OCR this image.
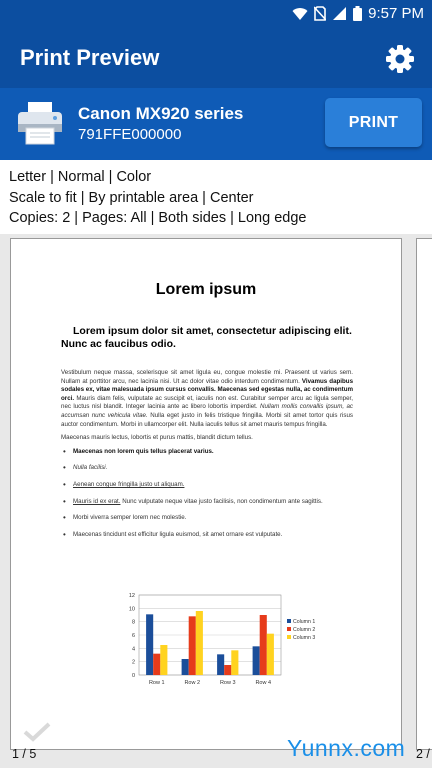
9:57 PM
Print Preview
Canon MX920 series
791FFE000000
PRINT
Letter | Normal | Color
Scale to fit | By printable area | Center
Copies: 2 | Pages: All | Both sides | Long edge
Lorem ipsum
Lorem ipsum dolor sit amet, consectetur adipiscing elit. Nunc ac faucibus odio.

Vestibulum neque massa, scelerisque sit amet ligula eu, congue molestie mi. Praesent ut varius sem. Nullam at porttitor arcu, nec lacinia nisi. Ut ac dolor vitae odio interdum condimentum. Vivamus dapibus sodales ex, vitae malesuada ipsum cursus convallis. Maecenas sed egestas nulla, ac condimentum orci. Mauris diam felis, vulputate ac suscipit et, iaculis non est. Curabitur semper arcu ac ligula semper, nec luctus nisl blandit. Integer lacinia ante ac libero lobortis imperdiet. Nullam mollis convallis ipsum, ac accumsan nunc vehicula vitae. Nulla eget justo in felis tristique fringilla. Morbi sit amet tortor quis risus auctor condimentum. Morbi in ullamcorper elit. Nulla iaculis tellus sit amet mauris tempus fringilla.

Maecenas mauris lectus, lobortis et purus mattis, blandit dictum tellus.

• Maecenas non lorem quis tellus placerat varius.
• Nulla facilisi.
• Aenean congue fringilla justo ut aliquam.
• Mauris id ex erat. Nunc vulputate neque vitae justo facilisis, non condimentum ante sagittis.
• Morbi viverra semper lorem nec molestie.
• Maecenas tincidunt est efficitur ligula euismod, sit amet ornare est vulputate.
0
2
4
6
8
10
12
Row 1	Row 2	Row 3	Row 4
Column 1
Column 2
Column 3
1 / 5	2 /
Yunnx.com
